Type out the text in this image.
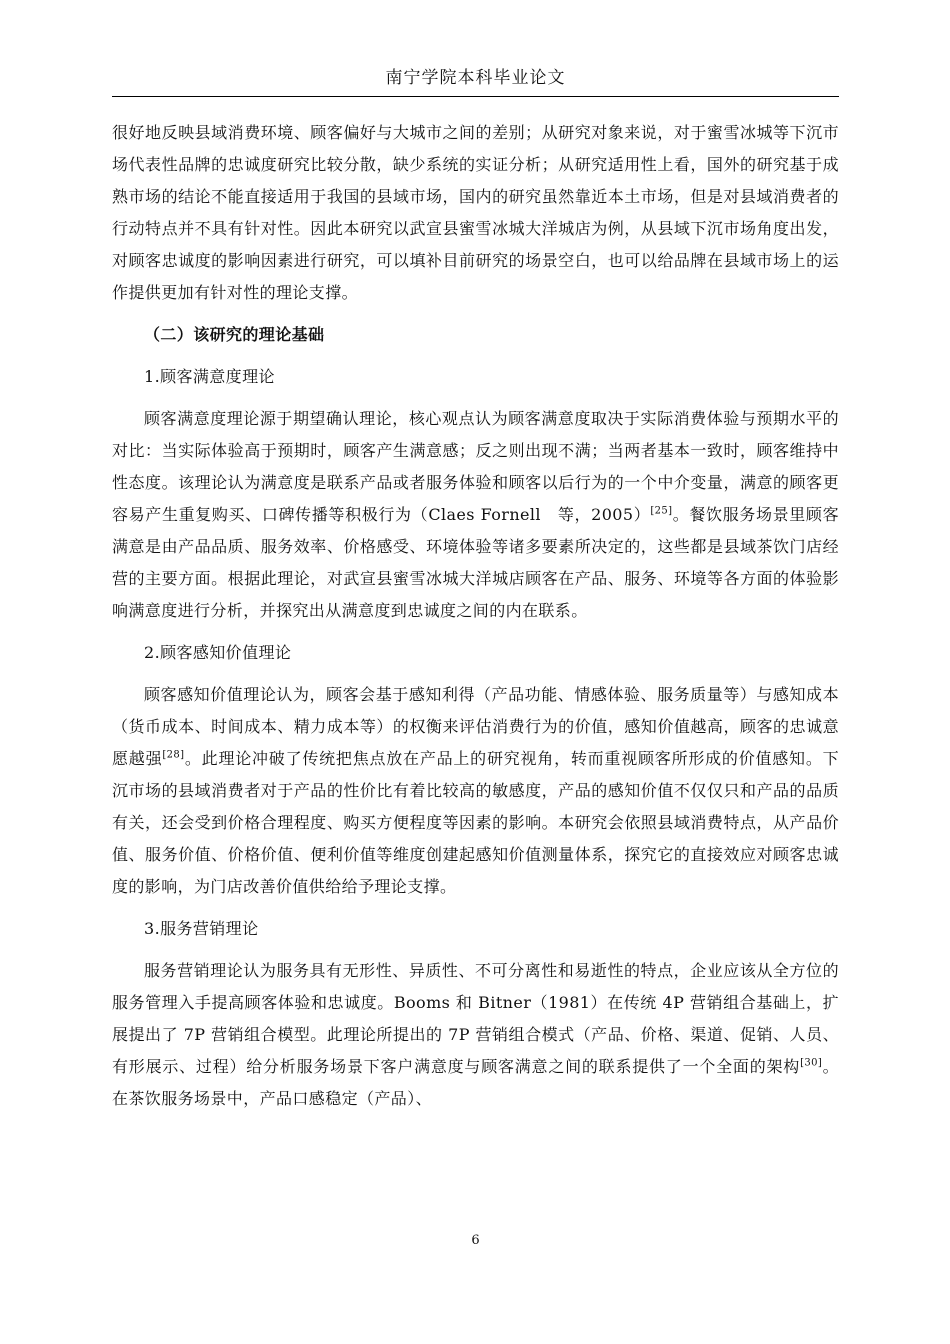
南宁学院本科毕业论文

很好地反映县域消费环境、顾客偏好与大城市之间的差别；从研究对象来说，对于蜜雪冰城等下沉市场代表性品牌的忠诚度研究比较分散，缺少系统的实证分析；从研究适用性上看，国外的研究基于成熟市场的结论不能直接适用于我国的县域市场，国内的研究虽然靠近本土市场，但是对县域消费者的行动特点并不具有针对性。因此本研究以武宣县蜜雪冰城大洋城店为例，从县域下沉市场角度出发，对顾客忠诚度的影响因素进行研究，可以填补目前研究的场景空白，也可以给品牌在县域市场上的运作提供更加有针对性的理论支撑。

（二）该研究的理论基础

1.顾客满意度理论

顾客满意度理论源于期望确认理论，核心观点认为顾客满意度取决于实际消费体验与预期水平的对比：当实际体验高于预期时，顾客产生满意感；反之则出现不满；当两者基本一致时，顾客维持中性态度。该理论认为满意度是联系产品或者服务体验和顾客以后行为的一个中介变量，满意的顾客更容易产生重复购买、口碑传播等积极行为（Claes Fornell　等，2005）[25]。餐饮服务场景里顾客满意是由产品品质、服务效率、价格感受、环境体验等诸多要素所决定的，这些都是县域茶饮门店经营的主要方面。根据此理论，对武宣县蜜雪冰城大洋城店顾客在产品、服务、环境等各方面的体验影响满意度进行分析，并探究出从满意度到忠诚度之间的内在联系。

2.顾客感知价值理论

顾客感知价值理论认为，顾客会基于感知利得（产品功能、情感体验、服务质量等）与感知成本（货币成本、时间成本、精力成本等）的权衡来评估消费行为的价值，感知价值越高，顾客的忠诚意愿越强[28]。此理论冲破了传统把焦点放在产品上的研究视角，转而重视顾客所形成的价值感知。下沉市场的县域消费者对于产品的性价比有着比较高的敏感度，产品的感知价值不仅仅只和产品的品质有关，还会受到价格合理程度、购买方便程度等因素的影响。本研究会依照县域消费特点，从产品价值、服务价值、价格价值、便利价值等维度创建起感知价值测量体系，探究它的直接效应对顾客忠诚度的影响，为门店改善价值供给给予理论支撑。

3.服务营销理论

服务营销理论认为服务具有无形性、异质性、不可分离性和易逝性的特点，企业应该从全方位的服务管理入手提高顾客体验和忠诚度。Booms 和 Bitner（1981）在传统 4P 营销组合基础上，扩展提出了 7P 营销组合模型。此理论所提出的 7P 营销组合模式（产品、价格、渠道、促销、人员、有形展示、过程）给分析服务场景下客户满意度与顾客满意之间的联系提供了一个全面的架构[30]。在茶饮服务场景中，产品口感稳定（产品）、

6
